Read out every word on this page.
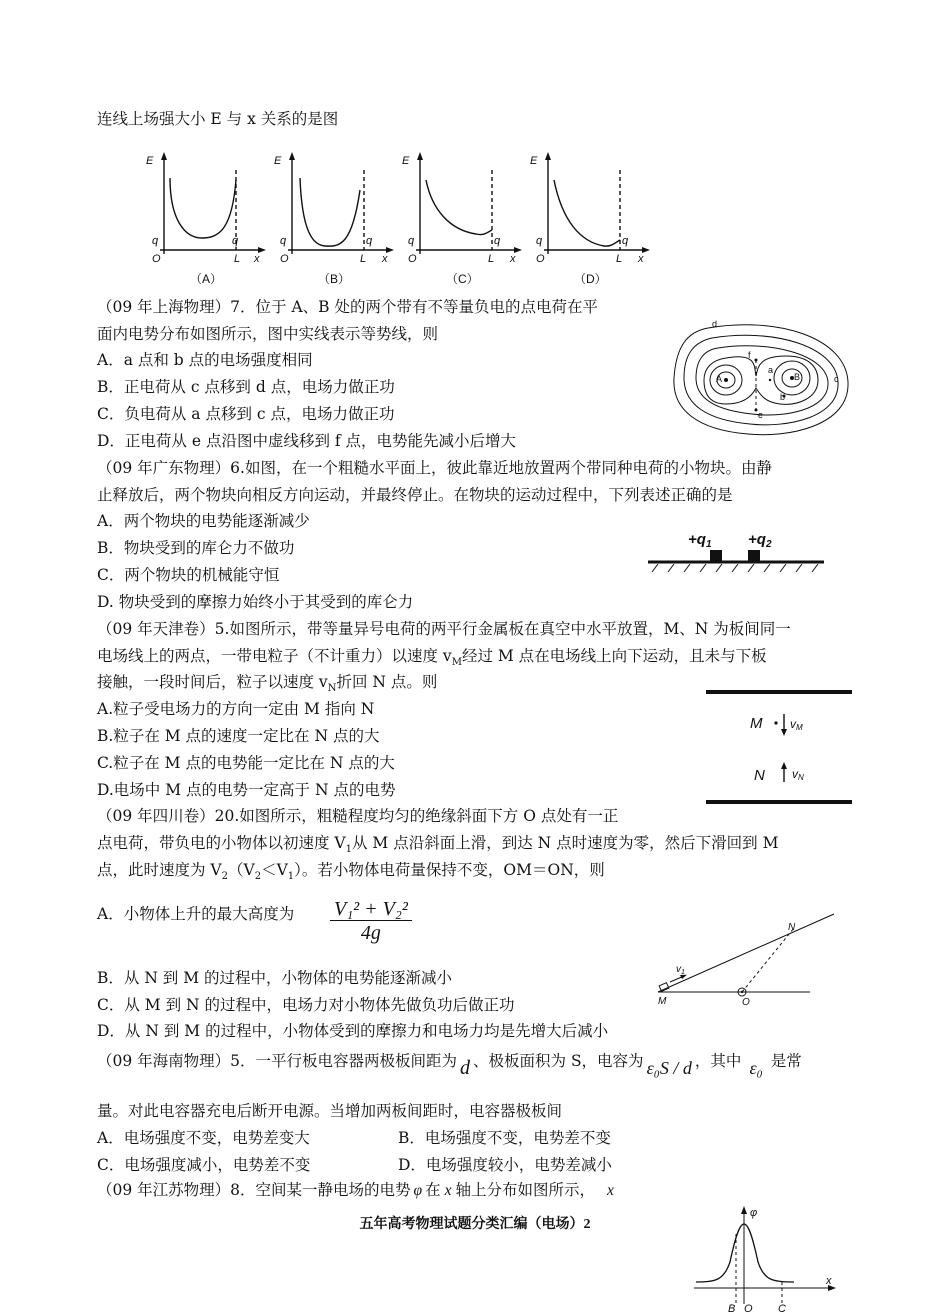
连线上场强大小 E 与 x 关系的是图
E
q
O
q
L x
E
q
O
q
L x
E
q
O
q
L x
E
q
O
q
L x
（A）	（B）	（C）	（D）
（09 年上海物理）7．位于 A、B 处的两个带有不等量负电的点电荷在平
面内电势分布如图所示，图中实线表示等势线，则
A．a 点和 b 点的电场强度相同
B．正电荷从 c 点移到 d 点，电场力做正功
C．负电荷从 a 点移到 c 点，电场力做正功
D．正电荷从 e 点沿图中虚线移到 f 点，电势能先减小后增大
d
f
a
A	B
b
c
e
（09 年广东物理）6.如图，在一个粗糙水平面上，彼此靠近地放置两个带同种电荷的小物块。由静
止释放后，两个物块向相反方向运动，并最终停止。在物块的运动过程中，下列表述正确的是
A．两个物块的电势能逐渐减少
B．物块受到的库仑力不做功
C．两个物块的机械能守恒
D. 物块受到的摩擦力始终小于其受到的库仑力
$+q_1 +q_2$
（09 年天津卷）5.如图所示，带等量异号电荷的两平行金属板在真空中水平放置，M、N 为板间同一
电场线上的两点，一带电粒子（不计重力）以速度 $v_M$经过 M 点在电场线上向下运动，且未与下板
接触，一段时间后，粒子以速度 $v_N$折回 N 点。则
A.粒子受电场力的方向一定由 M 指向 N
B.粒子在 M 点的速度一定比在 N 点的大
C.粒子在 M 点的电势能一定比在 N 点的大
D.电场中 M 点的电势一定高于 N 点的电势
M
N
vM
vN
（09 年四川卷）20.如图所示，粗糙程度均匀的绝缘斜面下方 O 点处有一正
点电荷，带负电的小物体以初速度 $V_1$从 M 点沿斜面上滑，到达 N 点时速度为零，然后下滑回到 M
点，此时速度为 $V_2(V_2<V_1)$。若小物体电荷量保持不变，OM＝ON，则
A．小物体上升的最大高度为 $\frac{\text{V₁² + V₂²}}{4g}$	N
M	O
$v_1$
B．从 N 到 M 的过程中，小物体的电势能逐渐减小
C．从 M 到 N 的过程中，电场力对小物体先做负功后做正功
D．从 N 到 M 的过程中，小物体受到的摩擦力和电场力均是先增大后减小
（09 年海南物理）5．一平行板电容器两极板间距为 d 、极板面积为 S，电容为 ε₀S / d ，其中 ε₀ 是常
量。对此电容器充电后断开电源。当增加两板间距时，电容器极板间
A．电场强度不变，电势差变大	B．电场强度不变，电势差不变
C．电场强度减小，电势差不变	D．电场强度较小，电势差减小
（09 年江苏物理）8．空间某一静电场的电势 φ 在 x 轴上分布如图所示， x
五年高考物理试题分类汇编（电场）2
φ
x
B O C
